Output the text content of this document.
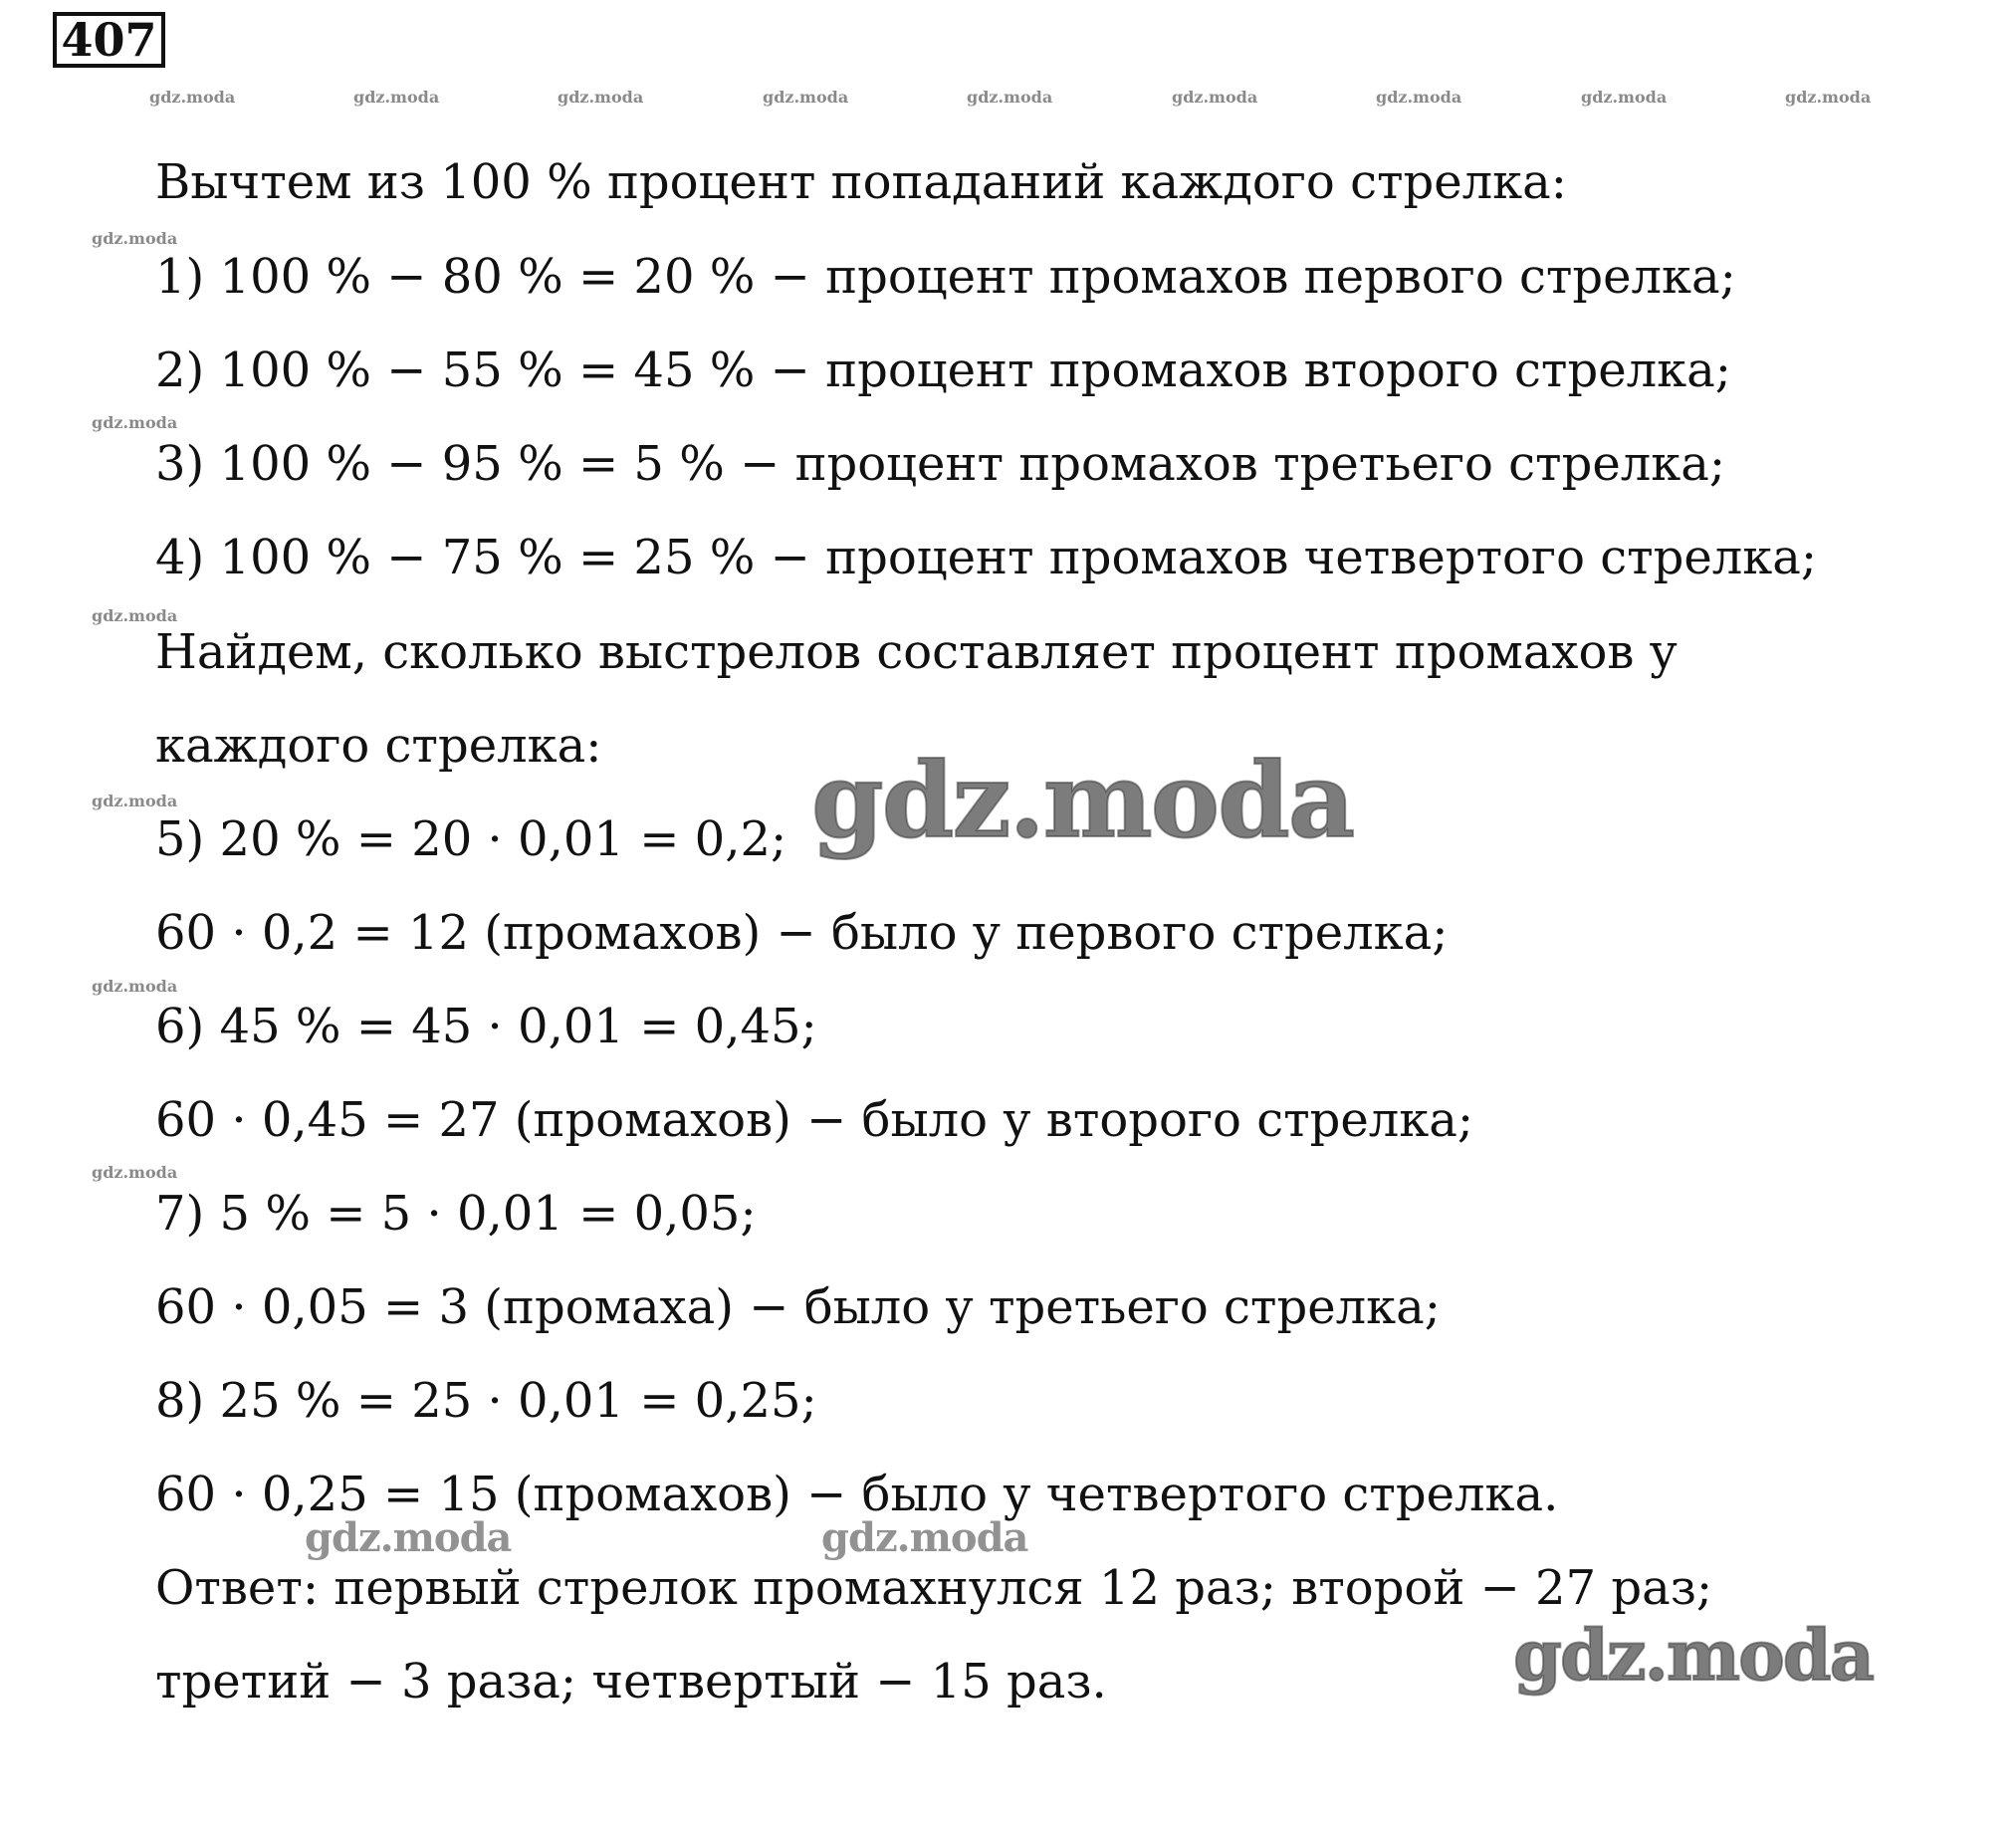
407
gdz.moda	gdz.moda	gdz.moda	gdz.moda	gdz.moda	gdz.moda	gdz.moda	gdz.moda	gdz.moda
gdz.moda
gdz.moda
gdz.moda
gdz.moda
gdz.moda
gdz.moda
Вычтем из 100 % процент попаданий каждого стрелка:
1) 100 % − 80 % = 20 % − процент промахов первого стрелка;
2) 100 % − 55 % = 45 % − процент промахов второго стрелка;
3) 100 % − 95 % = 5 % − процент промахов третьего стрелка;
4) 100 % − 75 % = 25 % − процент промахов четвертого стрелка;
Найдем, сколько выстрелов составляет процент промахов у
каждого стрелка:
5) 20 % = 20 · 0,01 = 0,2;
60 · 0,2 = 12 (промахов) − было у первого стрелка;
6) 45 % = 45 · 0,01 = 0,45;
60 · 0,45 = 27 (промахов) − было у второго стрелка;
7) 5 % = 5 · 0,01 = 0,05;
60 · 0,05 = 3 (промаха) − было у третьего стрелка;
8) 25 % = 25 · 0,01 = 0,25;
60 · 0,25 = 15 (промахов) − было у четвертого стрелка.
Ответ: первый стрелок промахнулся 12 раз; второй − 27 раз;
третий − 3 раза; четвертый − 15 раз.
gdz.moda
gdz.moda	gdz.moda
gdz.moda
